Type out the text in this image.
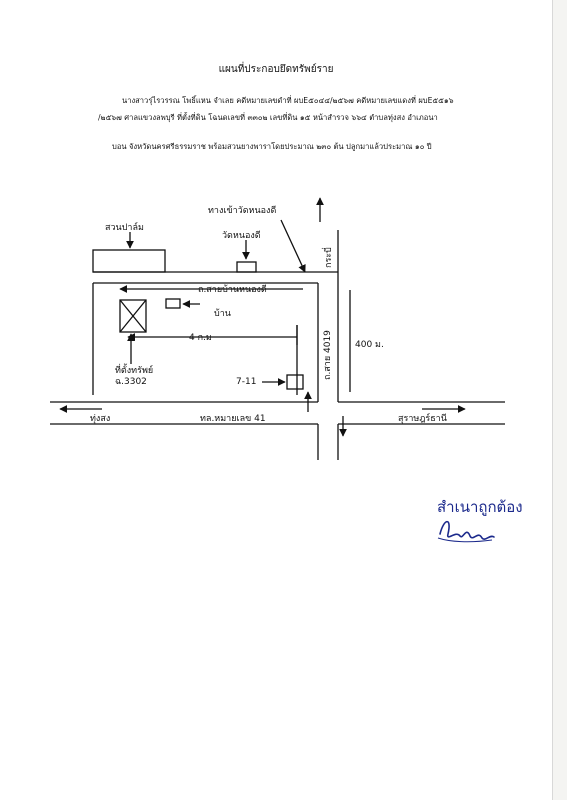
แผนที่ประกอบยึดทรัพย์ราย
นางสาวรุ่ไรวรรณ โพธิ์แหน จำเลย คดีหมายเลขดำที่ ผบE๕๐๔๔/๒๕๖๗ คดีหมายเลขแดงที่ ผบE๕๕๑๖
/๒๕๖๗ ศาลแขวงลพบุรี ที่ตั้งที่ดิน โฉนดเลขที่ ๓๓๐๒ เลขที่ดิน ๑๕ หน้าสำรวจ ๖๖๔ ตำบลทุ่งสง อำเภอนา
บอน จังหวัดนครศรีธรรมราช พร้อมสวนยางพาราโดยประมาณ ๒๓๐ ต้น ปลูกมาแล้วประมาณ ๑๐ ปี
สวนปาล์ม
ทางเข้าวัดหนองดี
วัดหนองดี
กระบี่
ถ.สายบ้านหนองดี
บ้าน
4 ก.ม	ถ.สาย 4019 400 ม.
ที่ตั้งทรัพย์
ฉ.3302	7-11
ทุ่งสง	ทล.หมายเลข 41	สุราษฎร์ธานี
สำเนาถูกต้อง
